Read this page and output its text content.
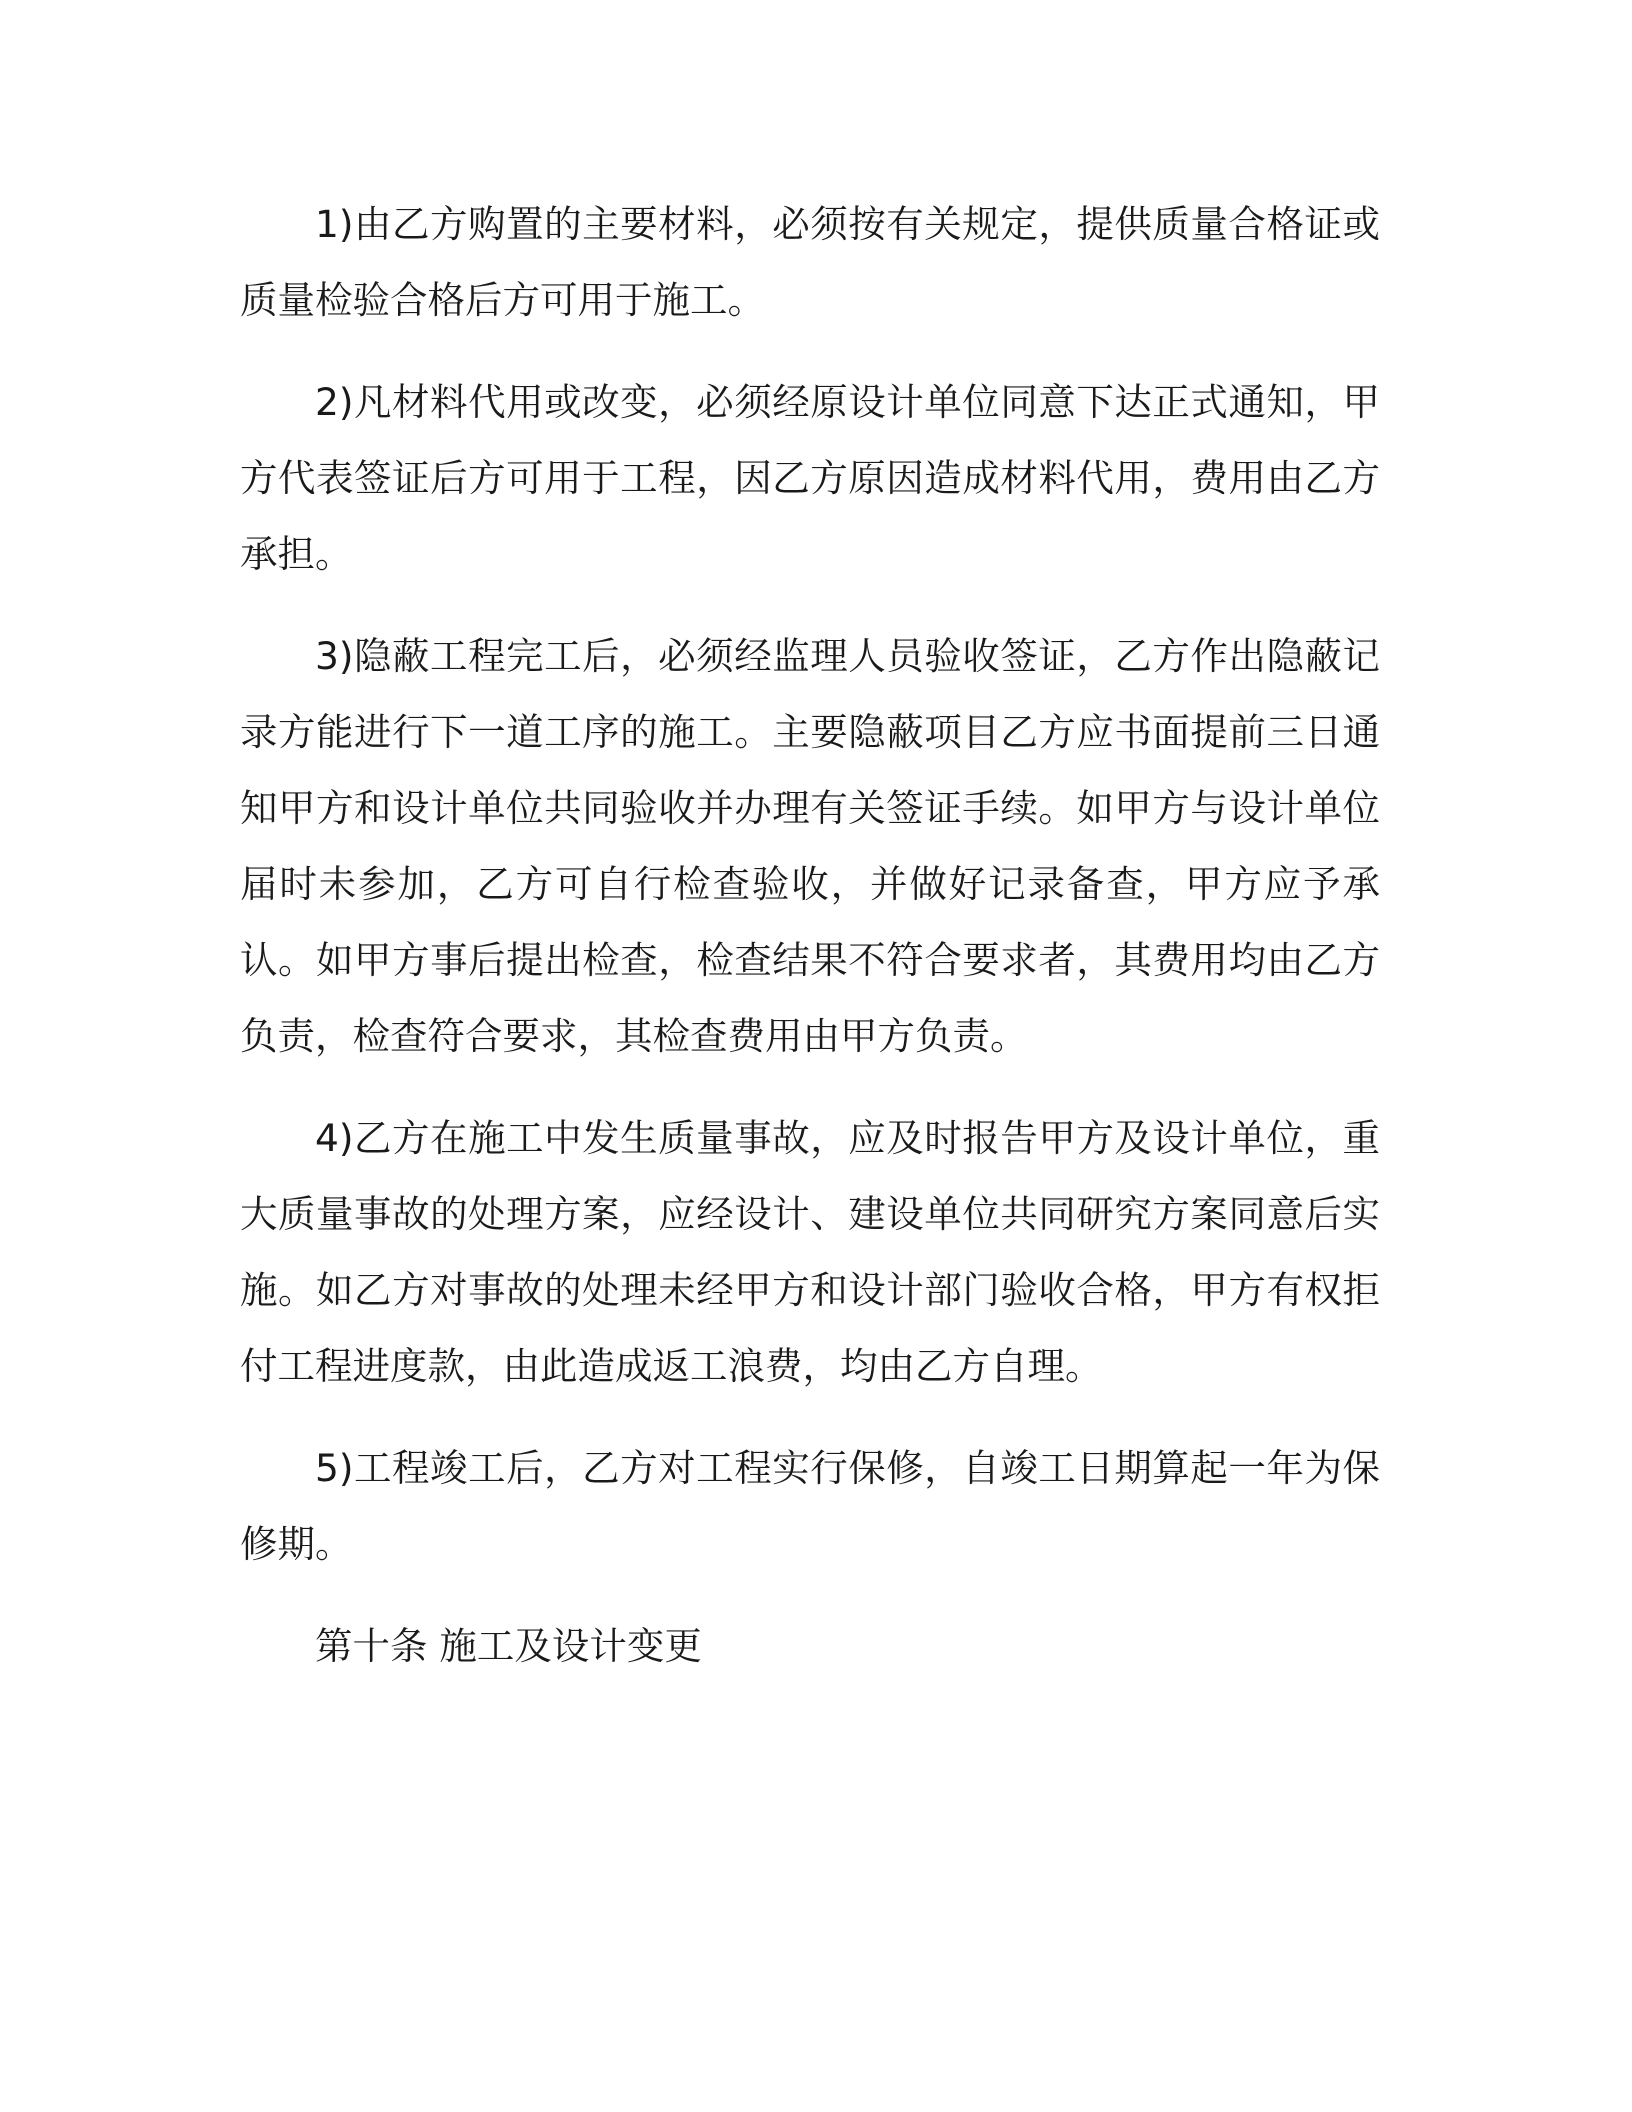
1)由乙方购置的主要材料，必须按有关规定，提供质量合格证或质量检验合格后方可用于施工。

2)凡材料代用或改变，必须经原设计单位同意下达正式通知，甲方代表签证后方可用于工程，因乙方原因造成材料代用，费用由乙方承担。

3)隐蔽工程完工后，必须经监理人员验收签证，乙方作出隐蔽记录方能进行下一道工序的施工。主要隐蔽项目乙方应书面提前三日通知甲方和设计单位共同验收并办理有关签证手续。如甲方与设计单位届时未参加，乙方可自行检查验收，并做好记录备查，甲方应予承认。如甲方事后提出检查，检查结果不符合要求者，其费用均由乙方负责，检查符合要求，其检查费用由甲方负责。

4)乙方在施工中发生质量事故，应及时报告甲方及设计单位，重大质量事故的处理方案，应经设计、建设单位共同研究方案同意后实施。如乙方对事故的处理未经甲方和设计部门验收合格，甲方有权拒付工程进度款，由此造成返工浪费，均由乙方自理。

5)工程竣工后，乙方对工程实行保修，自竣工日期算起一年为保修期。

第十条 施工及设计变更
